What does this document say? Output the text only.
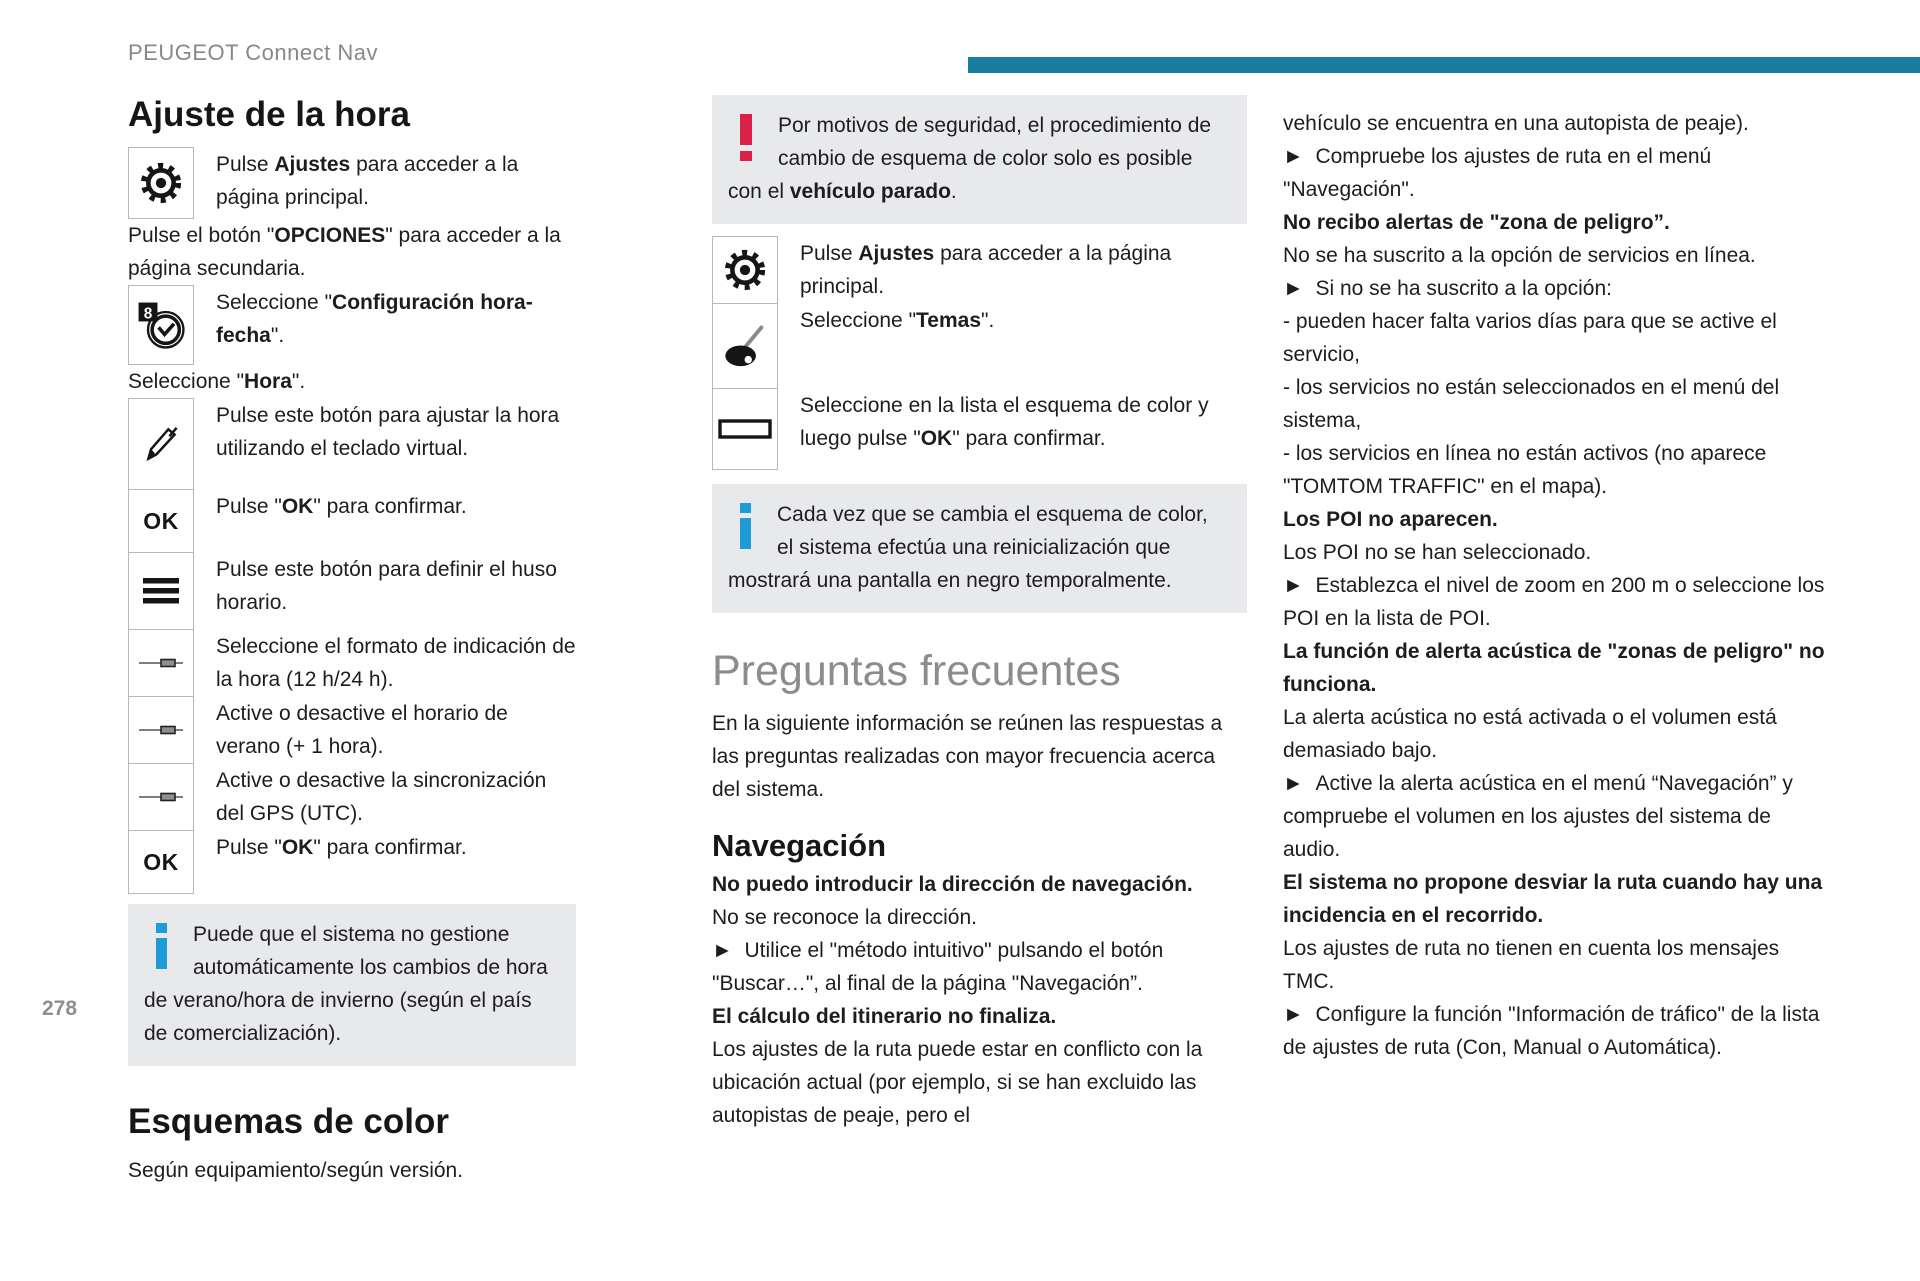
PEUGEOT Connect Nav
Ajuste de la hora

Pulse Ajustes para acceder a la página principal.

Pulse el botón "OPCIONES" para acceder a la página secundaria.

8	Seleccione "Configuración hora-fecha".

Seleccione "Hora".

Pulse este botón para ajustar la hora utilizando el teclado virtual.

OK

Pulse "OK" para confirmar.

Pulse este botón para definir el huso horario.

Seleccione el formato de indicación de la hora (12 h/24 h).

Active o desactive el horario de verano (+ 1 hora).

Active o desactive la sincronización del GPS (UTC).

OK

Pulse "OK" para confirmar.

Puede que el sistema no gestione automáticamente los cambios de hora de verano/hora de invierno (según el país de comercialización).

Esquemas de color

Según equipamiento/según versión.

Por motivos de seguridad, el procedimiento de cambio de esquema de color solo es posible con el vehículo parado.

Pulse Ajustes para acceder a la página principal.

Seleccione "Temas".

Seleccione en la lista el esquema de color y luego pulse "OK" para confirmar.

Cada vez que se cambia el esquema de color, el sistema efectúa una reinicialización que mostrará una pantalla en negro temporalmente.

Preguntas frecuentes

En la siguiente información se reúnen las respuestas a las preguntas realizadas con mayor frecuencia acerca del sistema.

Navegación

No puedo introducir la dirección de navegación.

No se reconoce la dirección.

►  Utilice el "método intuitivo" pulsando el botón "Buscar…", al final de la página "Navegación”.

El cálculo del itinerario no finaliza.

Los ajustes de la ruta puede estar en conflicto con la ubicación actual (por ejemplo, si se han excluido las autopistas de peaje, pero el

vehículo se encuentra en una autopista de peaje).

►  Compruebe los ajustes de ruta en el menú "Navegación".

No recibo alertas de "zona de peligro”.

No se ha suscrito a la opción de servicios en línea.

►  Si no se ha suscrito a la opción:

- pueden hacer falta varios días para que se active el servicio,

- los servicios no están seleccionados en el menú del sistema,

- los servicios en línea no están activos (no aparece "TOMTOM TRAFFIC" en el mapa).

Los POI no aparecen.

Los POI no se han seleccionado.

►  Establezca el nivel de zoom en 200 m o seleccione los POI en la lista de POI.

La función de alerta acústica de "zonas de peligro" no funciona.

La alerta acústica no está activada o el volumen está demasiado bajo.

►  Active la alerta acústica en el menú “Navegación” y compruebe el volumen en los ajustes del sistema de audio.

El sistema no propone desviar la ruta cuando hay una incidencia en el recorrido.

Los ajustes de ruta no tienen en cuenta los mensajes TMC.

►  Configure la función "Información de tráfico" de la lista de ajustes de ruta (Con, Manual o Automática).

278
